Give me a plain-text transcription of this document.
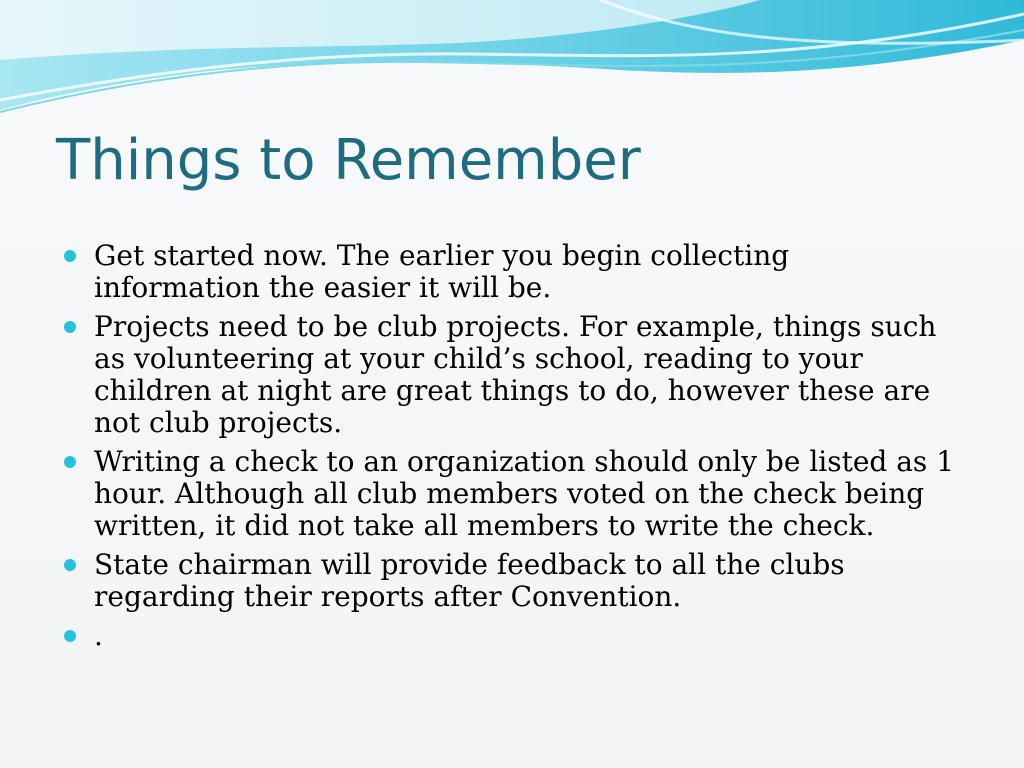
Things to Remember
Get started now. The earlier you begin collecting information the easier it will be.
Projects need to be club projects. For example, things such as volunteering at your child’s school, reading to your children at night are great things to do, however these are not club projects.
Writing a check to an organization should only be listed as 1 hour. Although all club members voted on the check being written, it did not take all members to write the check.
State chairman will provide feedback to all the clubs regarding their reports after Convention.
.
